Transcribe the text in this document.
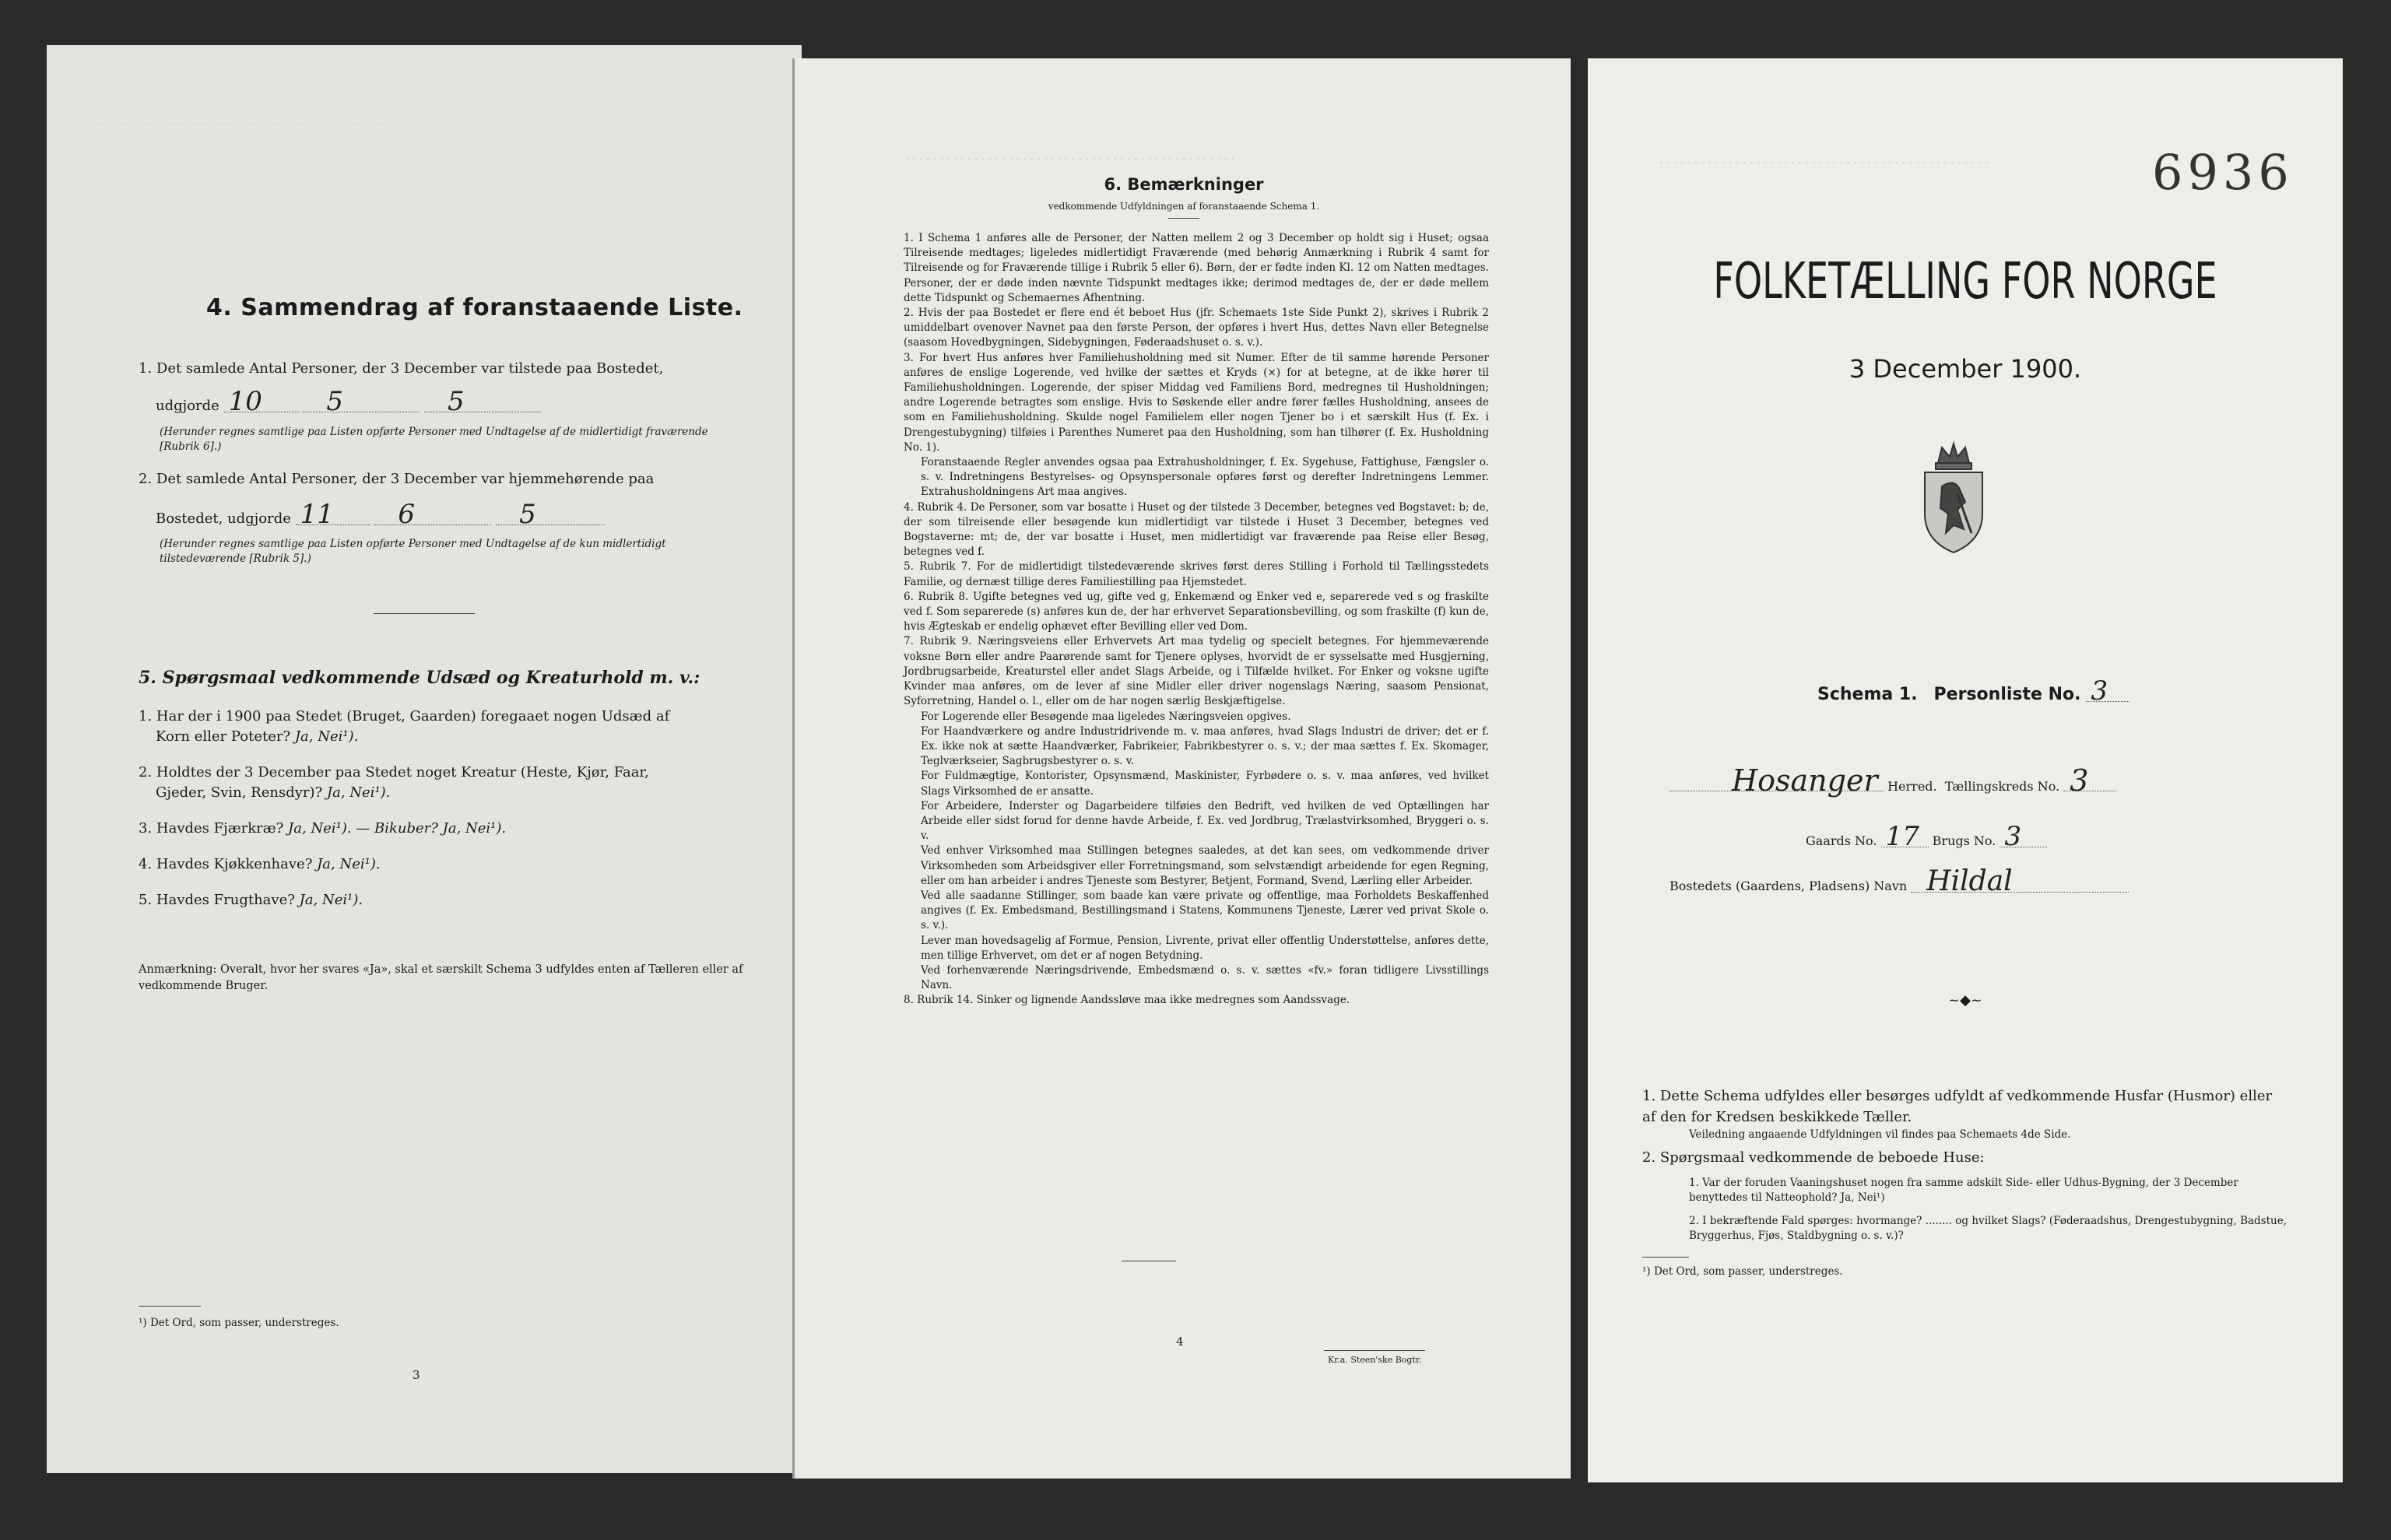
.................................................................................................
4. Sammendrag af foranstaaende Liste.
1. Det samlede Antal Personer, der 3 December var tilstede paa Bostedet,
udgjorde 10 5	5
(Herunder regnes samtlige paa Listen opførte Personer med Undtagelse af de midlertidigt fraværende [Rubrik 6].)
2. Det samlede Antal Personer, der 3 December var hjemmehørende paa
Bostedet, udgjorde 11 6	5
(Herunder regnes samtlige paa Listen opførte Personer med Undtagelse af de kun midlertidigt tilstedeværende [Rubrik 5].)
5. Spørgsmaal vedkommende Udsæd og Kreaturhold m. v.:
1. Har der i 1900 paa Stedet (Bruget, Gaarden) foregaaet nogen Udsæd af
Korn eller Poteter? Ja, Nei¹).
2. Holdtes der 3 December paa Stedet noget Kreatur (Heste, Kjør, Faar,
Gjeder, Svin, Rensdyr)? Ja, Nei¹).
3. Havdes Fjærkræ? Ja, Nei¹). — Bikuber? Ja, Nei¹).
4. Havdes Kjøkkenhave? Ja, Nei¹).
5. Havdes Frugthave? Ja, Nei¹).
Anmærkning: Overalt, hvor her svares «Ja», skal et særskilt Schema 3 udfyldes enten af Tælleren eller af vedkommende Bruger.
¹) Det Ord, som passer, understreges.
3
................................................
6. Bemærkninger
vedkommende Udfyldningen af foranstaaende Schema 1.
1. I Schema 1 anføres alle de Personer, der Natten mellem 2 og 3 December op holdt sig i Huset; ogsaa Tilreisende medtages; ligeledes midlertidigt Fraværende (med behørig Anmærkning i Rubrik 4 samt for Tilreisende og for Fraværende tillige i Rubrik 5 eller 6). Børn, der er fødte inden Kl. 12 om Natten medtages. Personer, der er døde inden nævnte Tidspunkt medtages ikke; derimod medtages de, der er døde mellem dette Tidspunkt og Schemaernes Afhentning.
2. Hvis der paa Bostedet er flere end ét beboet Hus (jfr. Schemaets 1ste Side Punkt 2), skrives i Rubrik 2 umiddelbart ovenover Navnet paa den første Person, der opføres i hvert Hus, dettes Navn eller Betegnelse (saasom Hovedbygningen, Sidebygningen, Føderaadshuset o. s. v.).
3. For hvert Hus anføres hver Familiehusholdning med sit Numer. Efter de til samme hørende Personer anføres de enslige Logerende, ved hvilke der sættes et Kryds (×) for at betegne, at de ikke hører til Familiehusholdningen. Logerende, der spiser Middag ved Familiens Bord, medregnes til Husholdningen; andre Logerende betragtes som enslige. Hvis to Søskende eller andre fører fælles Husholdning, ansees de som en Familiehusholdning. Skulde nogel Familielem eller nogen Tjener bo i et særskilt Hus (f. Ex. i Drengestubygning) tilføies i Parenthes Numeret paa den Husholdning, som han tilhører (f. Ex. Husholdning No. 1).
Foranstaaende Regler anvendes ogsaa paa Extrahusholdninger, f. Ex. Sygehuse, Fattighuse, Fængsler o. s. v. Indretningens Bestyrelses- og Opsynspersonale opføres først og derefter Indretningens Lemmer. Extrahusholdningens Art maa angives.
4. Rubrik 4. De Personer, som var bosatte i Huset og der tilstede 3 December, betegnes ved Bogstavet: b; de, der som tilreisende eller besøgende kun midlertidigt var tilstede i Huset 3 December, betegnes ved Bogstaverne: mt; de, der var bosatte i Huset, men midlertidigt var fraværende paa Reise eller Besøg, betegnes ved f.
5. Rubrik 7. For de midlertidigt tilstedeværende skrives først deres Stilling i Forhold til Tællingsstedets Familie, og dernæst tillige deres Familiestilling paa Hjemstedet.
6. Rubrik 8. Ugifte betegnes ved ug, gifte ved g, Enkemænd og Enker ved e, separerede ved s og fraskilte ved f. Som separerede (s) anføres kun de, der har erhvervet Separationsbevilling, og som fraskilte (f) kun de, hvis Ægteskab er endelig ophævet efter Bevilling eller ved Dom.
7. Rubrik 9. Næringsveiens eller Erhvervets Art maa tydelig og specielt betegnes. For hjemmeværende voksne Børn eller andre Paarørende samt for Tjenere oplyses, hvorvidt de er sysselsatte med Husgjerning, Jordbrugsarbeide, Kreaturstel eller andet Slags Arbeide, og i Tilfælde hvilket. For Enker og voksne ugifte Kvinder maa anføres, om de lever af sine Midler eller driver nogenslags Næring, saasom Pensionat, Syforretning, Handel o. l., eller om de har nogen særlig Beskjæftigelse.
For Logerende eller Besøgende maa ligeledes Næringsveien opgives.
For Haandværkere og andre Industridrivende m. v. maa anføres, hvad Slags Industri de driver; det er f. Ex. ikke nok at sætte Haandværker, Fabrikeier, Fabrikbestyrer o. s. v.; der maa sættes f. Ex. Skomager, Teglværkseier, Sagbrugsbestyrer o. s. v.
For Fuldmægtige, Kontorister, Opsynsmænd, Maskinister, Fyrbødere o. s. v. maa anføres, ved hvilket Slags Virksomhed de er ansatte.
For Arbeidere, Inderster og Dagarbeidere tilføies den Bedrift, ved hvilken de ved Optællingen har Arbeide eller sidst forud for denne havde Arbeide, f. Ex. ved Jordbrug, Trælastvirksomhed, Bryggeri o. s. v.
Ved enhver Virksomhed maa Stillingen betegnes saaledes, at det kan sees, om vedkommende driver Virksomheden som Arbeidsgiver eller Forretningsmand, som selvstændigt arbeidende for egen Regning, eller om han arbeider i andres Tjeneste som Bestyrer, Betjent, Formand, Svend, Lærling eller Arbeider.
Ved alle saadanne Stillinger, som baade kan være private og offentlige, maa Forholdets Beskaffenhed angives (f. Ex. Embedsmand, Bestillingsmand i Statens, Kommunens Tjeneste, Lærer ved privat Skole o. s. v.).
Lever man hovedsagelig af Formue, Pension, Livrente, privat eller offentlig Understøttelse, anføres dette, men tillige Erhvervet, om det er af nogen Betydning.
Ved forhenværende Næringsdrivende, Embedsmænd o. s. v. sættes «fv.» foran tidligere Livsstillings Navn.
8. Rubrik 14. Sinker og lignende Aandssløve maa ikke medregnes som Aandssvage.
4
Kr.a. Steen'ske Bogtr.
................................................	6936
FOLKETÆLLING FOR NORGE
3 December 1900.
Schema 1. Personliste No. 3
Hosanger Herred. Tællingskreds No. 3
Gaards No. 17 Brugs No. 3
Bostedets (Gaardens, Pladsens) Navn Hildal
~◆~
1. Dette Schema udfyldes eller besørges udfyldt af vedkommende Husfar (Husmor) eller af den for Kredsen beskikkede Tæller.
Veiledning angaaende Udfyldningen vil findes paa Schemaets 4de Side.
2. Spørgsmaal vedkommende de beboede Huse:
1. Var der foruden Vaaningshuset nogen fra samme adskilt Side- eller Udhus-Bygning, der 3 December benyttedes til Natteophold? Ja, Nei¹)
2. I bekræftende Fald spørges: hvormange? ........ og hvilket Slags? (Føderaadshus, Drengestubygning, Badstue, Bryggerhus, Fjøs, Staldbygning o. s. v.)?
¹) Det Ord, som passer, understreges.
